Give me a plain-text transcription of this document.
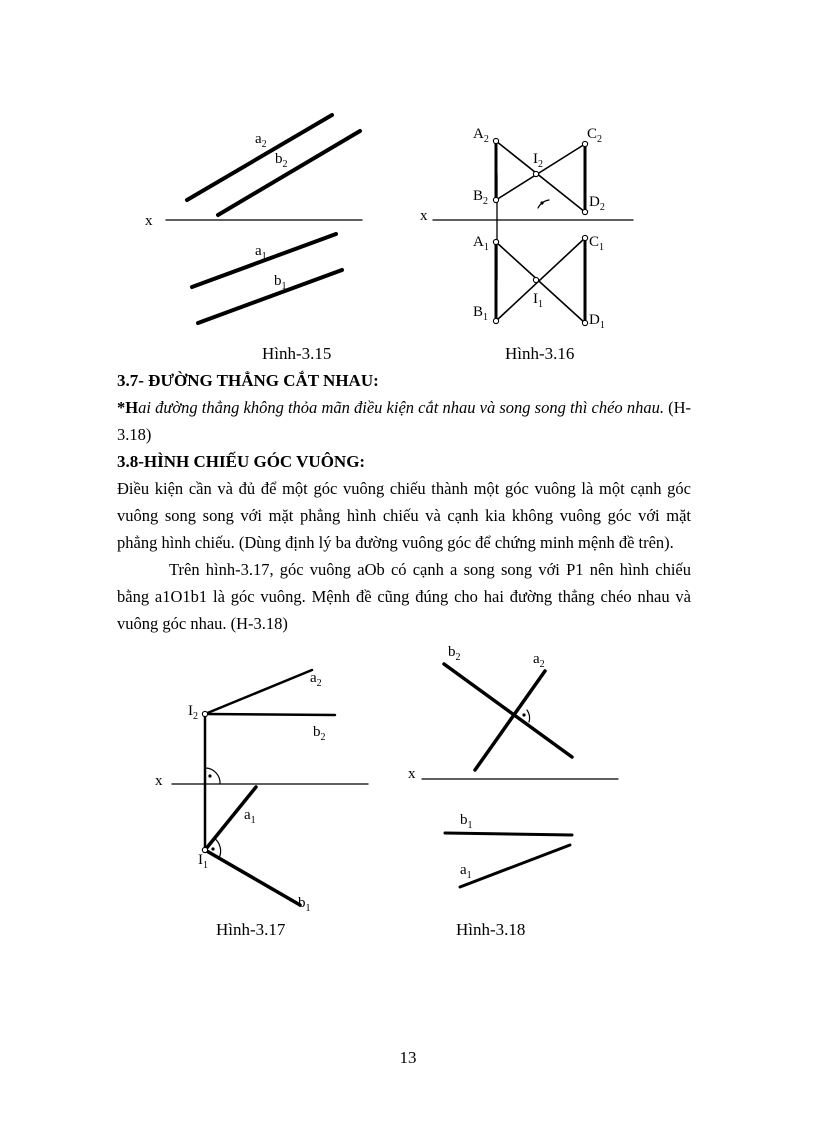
x
$a_2$
$b_2$
$a_1$
$b_1$
Hình-3.15
x
$A_2$	$C_2$
$I_2$
$B_2$	$D_2$
$A_1$	$C_1$
$I_1$
$B_1$	$D_1$
Hình-3.16

3.7- ĐƯỜNG THẲNG CẮT NHAU:

*Hai đường thẳng không thỏa mãn điều kiện cắt nhau và song song thì chéo nhau. (H-3.18)

3.8-HÌNH CHIẾU GÓC VUÔNG:

Điều kiện cần và đủ để một góc vuông chiếu thành một góc vuông là một cạnh góc vuông song song với mặt phẳng hình chiếu và cạnh kia không vuông góc với mặt phẳng hình chiếu. (Dùng định lý ba đường vuông góc để chứng minh mệnh đề trên).

Trên hình-3.17, góc vuông aOb có cạnh a song song với P1 nên hình chiếu bằng a1O1b1 là góc vuông. Mệnh đề cũng đúng cho hai đường thẳng chéo nhau và vuông góc nhau. (H-3.18)

x
$I_2$
$a_2$
$b_2$
$a_1$
$I_1$
$b_1$
Hình-3.17
x
$b_2$	$a_2$
$b_1$
$a_1$
Hình-3.18
13
